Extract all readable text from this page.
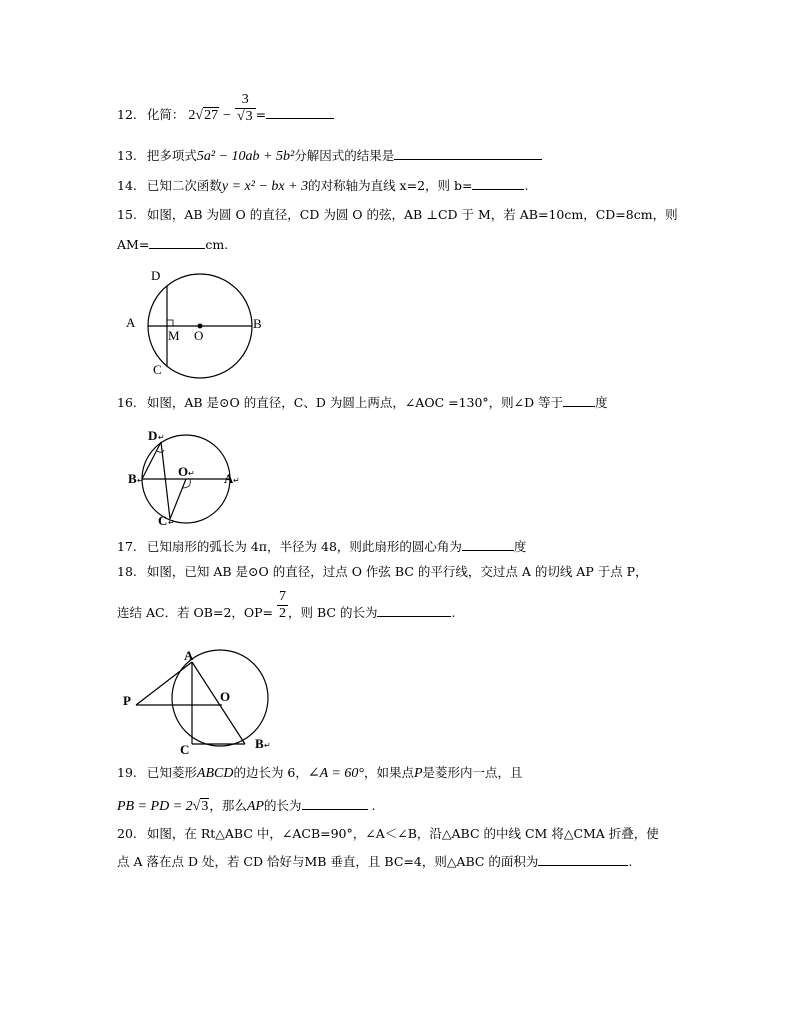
12. 化简： $2√27 - \frac{3}{√3}$ =
13. 把多项式5a² − 10ab + 5b²分解因式的结果是
14. 已知二次函数y = x² − bx + 3的对称轴为直线 x=2，则 b=	.
15. 如图，AB 为圆 O 的直径，CD 为圆 O 的弦，AB ⊥CD 于 M，若 AB=10cm，CD=8cm，则
AM=	cm.
D
A
M O
B
C
16. 如图，AB 是⊙O 的直径，C、D 为圆上两点，∠AOC =130°，则∠D 等于	度
D ↵
B ↵
O ↵ A ↵
C ↵
17. 已知扇形的弧长为 4π，半径为 48，则此扇形的圆心角为	度
18. 如图，已知 AB 是⊙O 的直径，过点 O 作弦 BC 的平行线，交过点 A 的切线 AP 于点 P，
连结 AC．若 OB=2，$OP= \frac{7}{2}$ ，则 BC 的长为	.
A
P	O
C	B ↵
19. 已知菱形ABCD的边长为 6，∠A = 60°，如果点P是菱形内一点，且
PB = PD = 2√3，那么AP的长为	.
20. 如图，在 Rt△ABC 中，∠ACB=90°，∠A＜∠B，沿△ABC 的中线 CM 将△CMA 折叠，使
点 A 落在点 D 处，若 CD 恰好与MB 垂直，且 BC=4，则△ABC 的面积为	.
